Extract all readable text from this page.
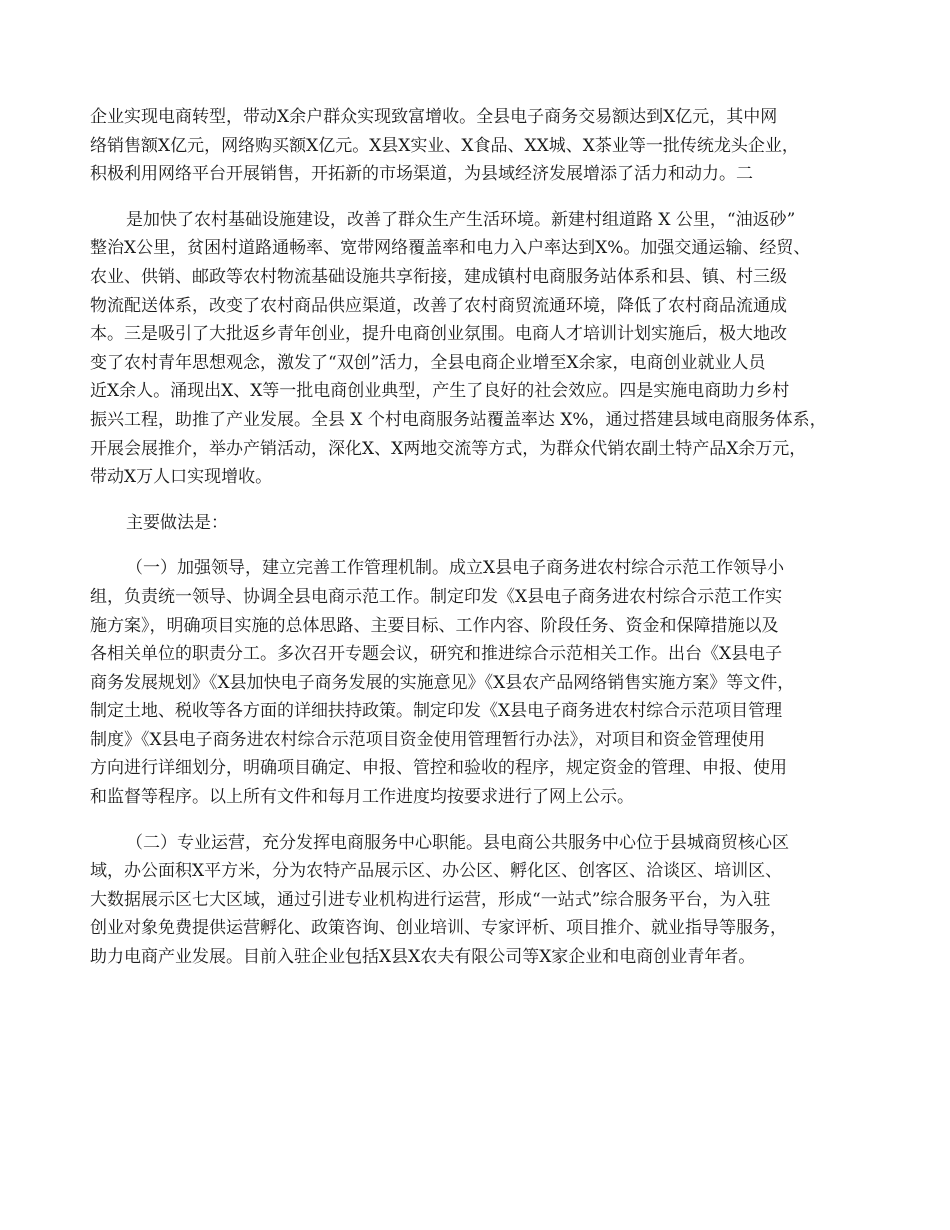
企业实现电商转型，带动X余户群众实现致富增收。全县电子商务交易额达到X亿元，其中网
络销售额X亿元，网络购买额X亿元。X县X实业、X食品、XX城、X茶业等一批传统龙头企业，
积极利用网络平台开展销售，开拓新的市场渠道，为县域经济发展增添了活力和动力。二
是加快了农村基础设施建设，改善了群众生产生活环境。新建村组道路 X 公里，“油返砂”
整治X公里，贫困村道路通畅率、宽带网络覆盖率和电力入户率达到X%。加强交通运输、经贸、
农业、供销、邮政等农村物流基础设施共享衔接，建成镇村电商服务站体系和县、镇、村三级
物流配送体系，改变了农村商品供应渠道，改善了农村商贸流通环境，降低了农村商品流通成
本。三是吸引了大批返乡青年创业，提升电商创业氛围。电商人才培训计划实施后，极大地改
变了农村青年思想观念，激发了“双创”活力，全县电商企业增至X余家，电商创业就业人员
近X余人。涌现出X、X等一批电商创业典型，产生了良好的社会效应。四是实施电商助力乡村
振兴工程，助推了产业发展。全县 X 个村电商服务站覆盖率达 X%，通过搭建县域电商服务体系，
开展会展推介，举办产销活动，深化X、X两地交流等方式，为群众代销农副土特产品X余万元，
带动X万人口实现增收。
主要做法是：
（一）加强领导，建立完善工作管理机制。成立X县电子商务进农村综合示范工作领导小
组，负责统一领导、协调全县电商示范工作。制定印发《X县电子商务进农村综合示范工作实
施方案》，明确项目实施的总体思路、主要目标、工作内容、阶段任务、资金和保障措施以及
各相关单位的职责分工。多次召开专题会议，研究和推进综合示范相关工作。出台《X县电子
商务发展规划》《X县加快电子商务发展的实施意见》《X县农产品网络销售实施方案》等文件，
制定土地、税收等各方面的详细扶持政策。制定印发《X县电子商务进农村综合示范项目管理
制度》《X县电子商务进农村综合示范项目资金使用管理暂行办法》，对项目和资金管理使用
方向进行详细划分，明确项目确定、申报、管控和验收的程序，规定资金的管理、申报、使用
和监督等程序。以上所有文件和每月工作进度均按要求进行了网上公示。
（二）专业运营，充分发挥电商服务中心职能。县电商公共服务中心位于县城商贸核心区
域，办公面积X平方米，分为农特产品展示区、办公区、孵化区、创客区、洽谈区、培训区、
大数据展示区七大区域，通过引进专业机构进行运营，形成“一站式”综合服务平台，为入驻
创业对象免费提供运营孵化、政策咨询、创业培训、专家评析、项目推介、就业指导等服务，
助力电商产业发展。目前入驻企业包括X县X农夫有限公司等X家企业和电商创业青年者。
